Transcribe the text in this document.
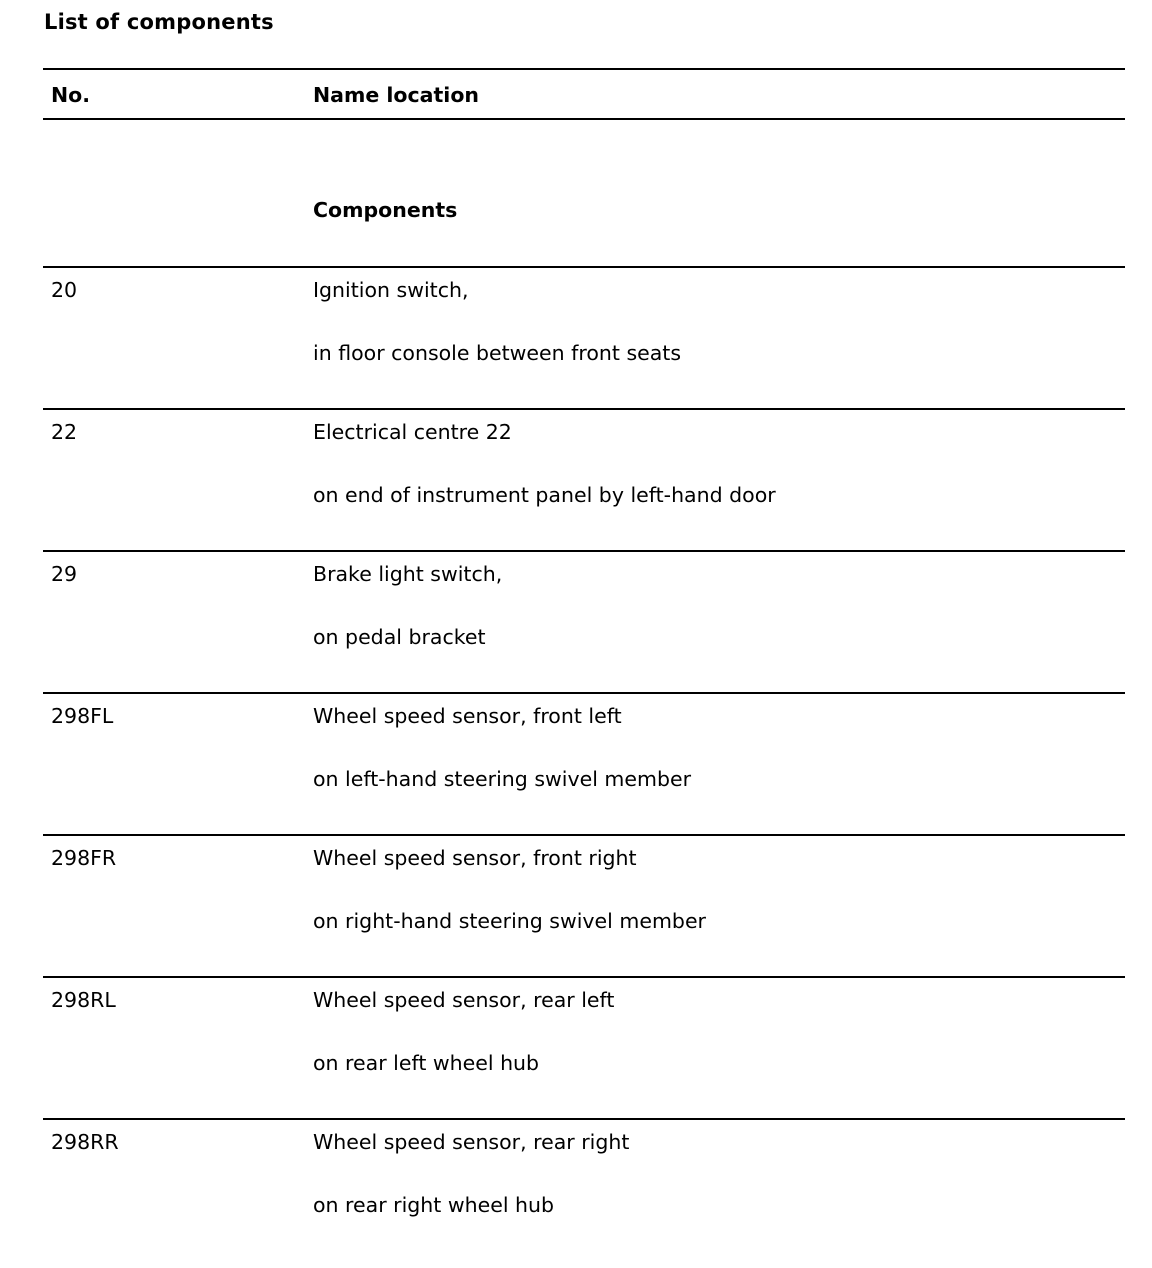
List of components
No.	Name location
Components
20	Ignition switch,
in floor console between front seats
22	Electrical centre 22
on end of instrument panel by left-hand door
29	Brake light switch,
on pedal bracket
298FL	Wheel speed sensor, front left
on left-hand steering swivel member
298FR	Wheel speed sensor, front right
on right-hand steering swivel member
298RL	Wheel speed sensor, rear left
on rear left wheel hub
298RR	Wheel speed sensor, rear right
on rear right wheel hub
